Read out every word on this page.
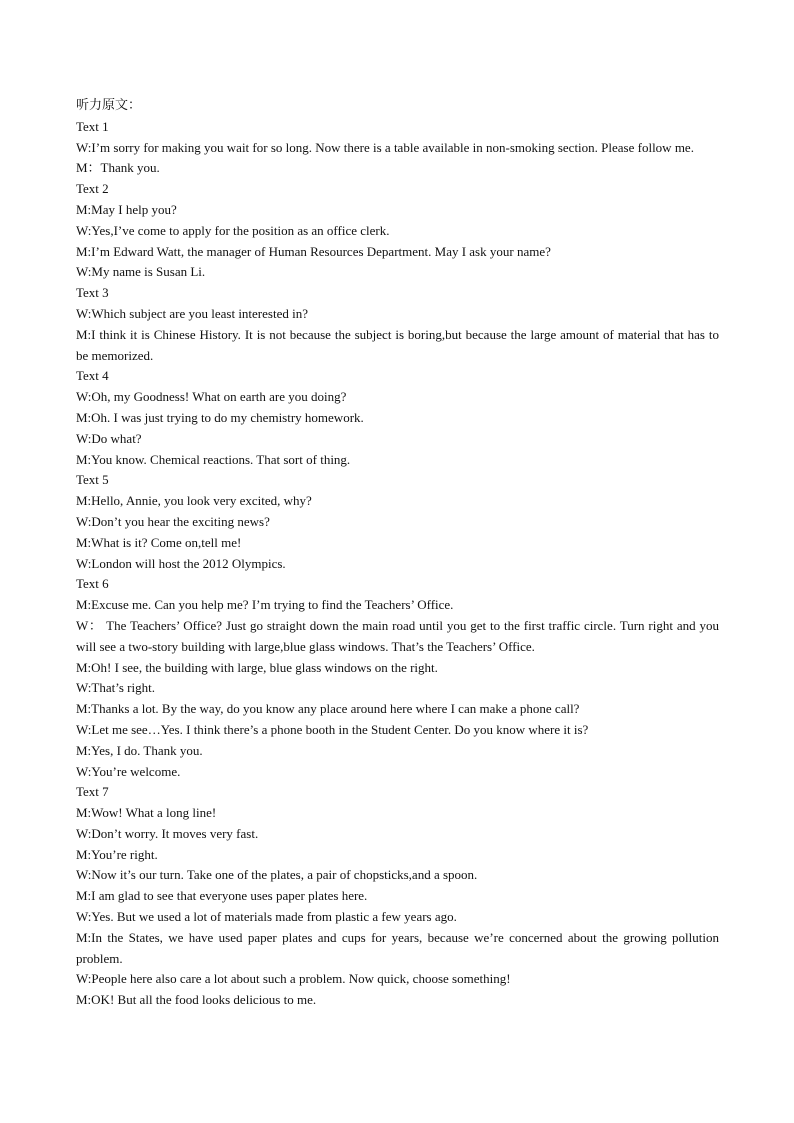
听力原文：
Text 1
W:I’m sorry for making you wait for so long. Now there is a table available in non-smoking section. Please follow me.
M：Thank you.
Text 2
M:May I help you?
W:Yes,I’ve come to apply for the position as an office clerk.
M:I’m Edward Watt, the manager of Human Resources Department. May I ask your name?
W:My name is Susan Li.
Text 3
W:Which subject are you least interested in?
M:I think it is Chinese History. It is not because the subject is boring,but because the large amount of material that has to be memorized.
Text 4
W:Oh, my Goodness! What on earth are you doing?
M:Oh. I was just trying to do my chemistry homework.
W:Do what?
M:You know. Chemical reactions. That sort of thing.
Text 5
M:Hello, Annie, you look very excited, why?
W:Don’t you hear the exciting news?
M:What is it? Come on,tell me!
W:London will host the 2012 Olympics.
Text 6
M:Excuse me. Can you help me? I’m trying to find the Teachers’ Office.
W： The Teachers’ Office? Just go straight down the main road until you get to the first traffic circle. Turn right and you will see a two-story building with large,blue glass windows. That’s the Teachers’ Office.
M:Oh! I see, the building with large, blue glass windows on the right.
W:That’s right.
M:Thanks a lot. By the way, do you know any place around here where I can make a phone call?
W:Let me see…Yes. I think there’s a phone booth in the Student Center. Do you know where it is?
M:Yes, I do. Thank you.
W:You’re welcome.
Text 7
M:Wow! What a long line!
W:Don’t worry. It moves very fast.
M:You’re right.
W:Now it’s our turn. Take one of the plates, a pair of chopsticks,and a spoon.
M:I am glad to see that everyone uses paper plates here.
W:Yes. But we used a lot of materials made from plastic a few years ago.
M:In the States, we have used paper plates and cups for years, because we’re concerned about the growing pollution problem.
W:People here also care a lot about such a problem. Now quick, choose something!
M:OK! But all the food looks delicious to me.
